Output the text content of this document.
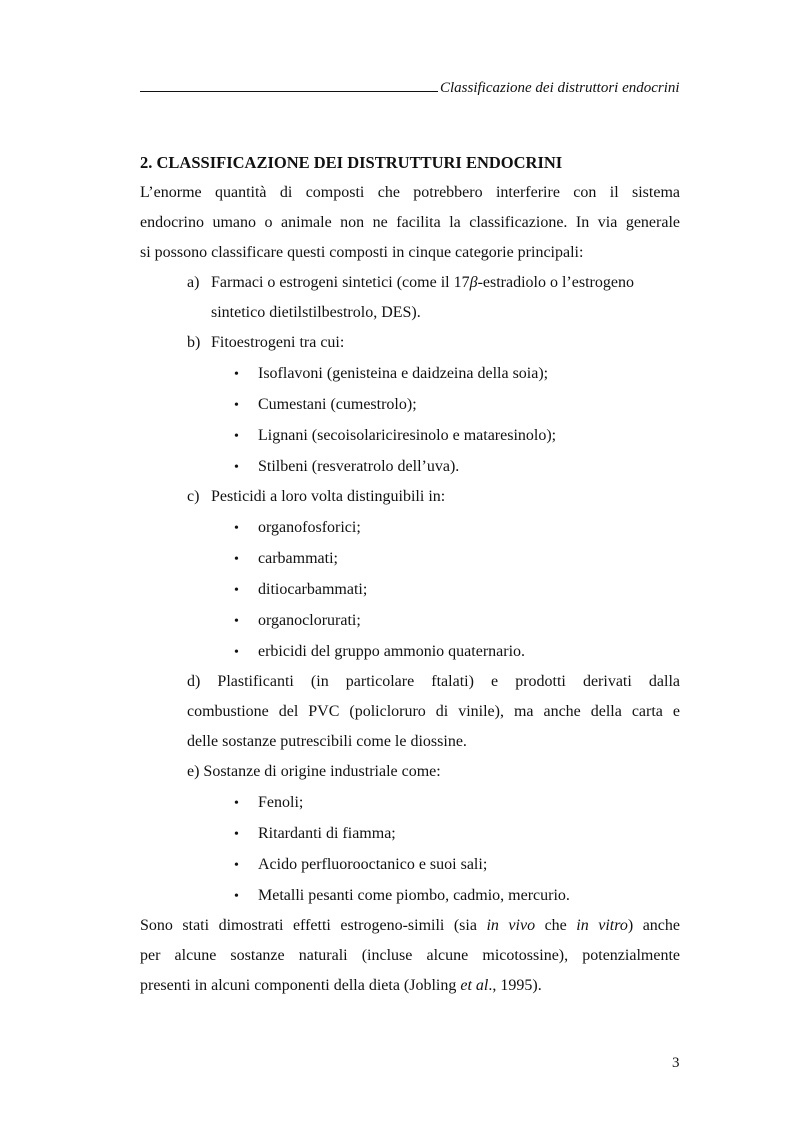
Classificazione dei distruttori endocrini
2. CLASSIFICAZIONE DEI DISTRUTTURI ENDOCRINI
L’enorme quantità di composti che potrebbero interferire con il sistema
endocrino umano o animale non ne facilita la classificazione. In via generale
si possono classificare questi composti in cinque categorie principali:
a) Farmaci o estrogeni sintetici (come il 17β-estradiolo o l’estrogeno
sintetico dietilstilbestrolo, DES).
b) Fitoestrogeni tra cui:
• Isoflavoni (genisteina e daidzeina della soia);
• Cumestani (cumestrolo);
• Lignani (secoisolariciresinolo e mataresinolo);
• Stilbeni (resveratrolo dell’uva).
c) Pesticidi a loro volta distinguibili in:
• organofosforici;
• carbammati;
• ditiocarbammati;
• organoclorurati;
• erbicidi del gruppo ammonio quaternario.
d) Plastificanti (in particolare ftalati) e prodotti derivati dalla
combustione del PVC (policloruro di vinile), ma anche della carta e
delle sostanze putrescibili come le diossine.
e) Sostanze di origine industriale come:
• Fenoli;
• Ritardanti di fiamma;
• Acido perfluorooctanico e suoi sali;
• Metalli pesanti come piombo, cadmio, mercurio.
Sono stati dimostrati effetti estrogeno-simili (sia in vivo che in vitro) anche
per alcune sostanze naturali (incluse alcune micotossine), potenzialmente
presenti in alcuni componenti della dieta (Jobling et al., 1995).
3
